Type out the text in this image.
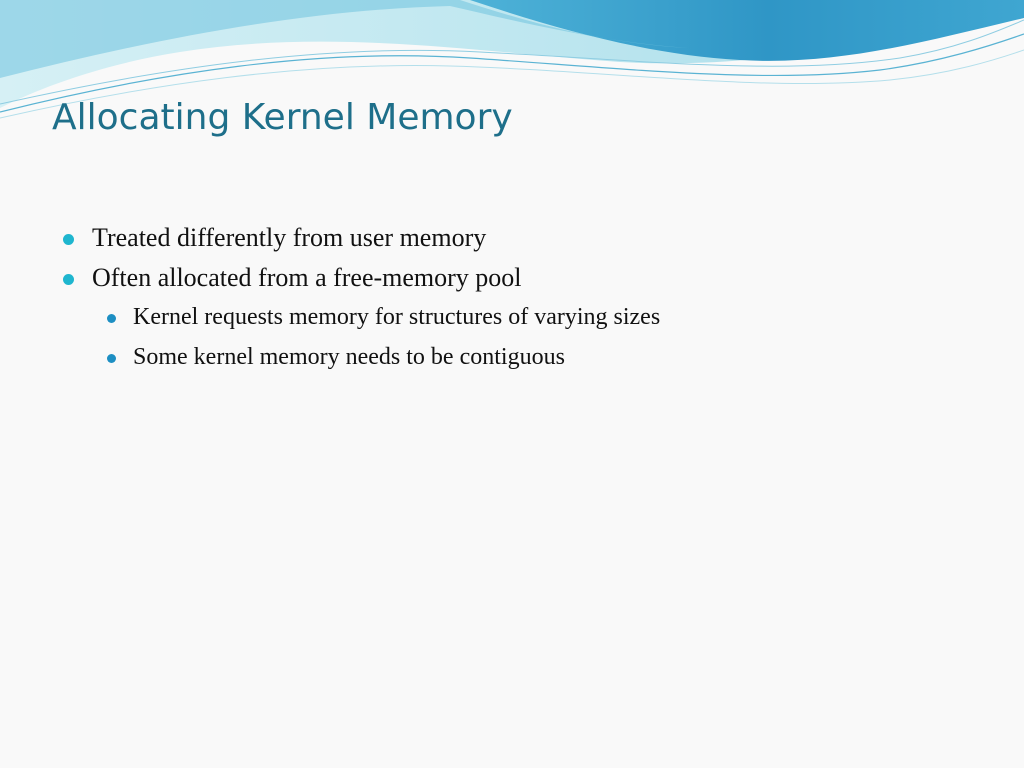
Allocating Kernel Memory
Treated differently from user memory
Often allocated from a free-memory pool
Kernel requests memory for structures of varying sizes
Some kernel memory needs to be contiguous
